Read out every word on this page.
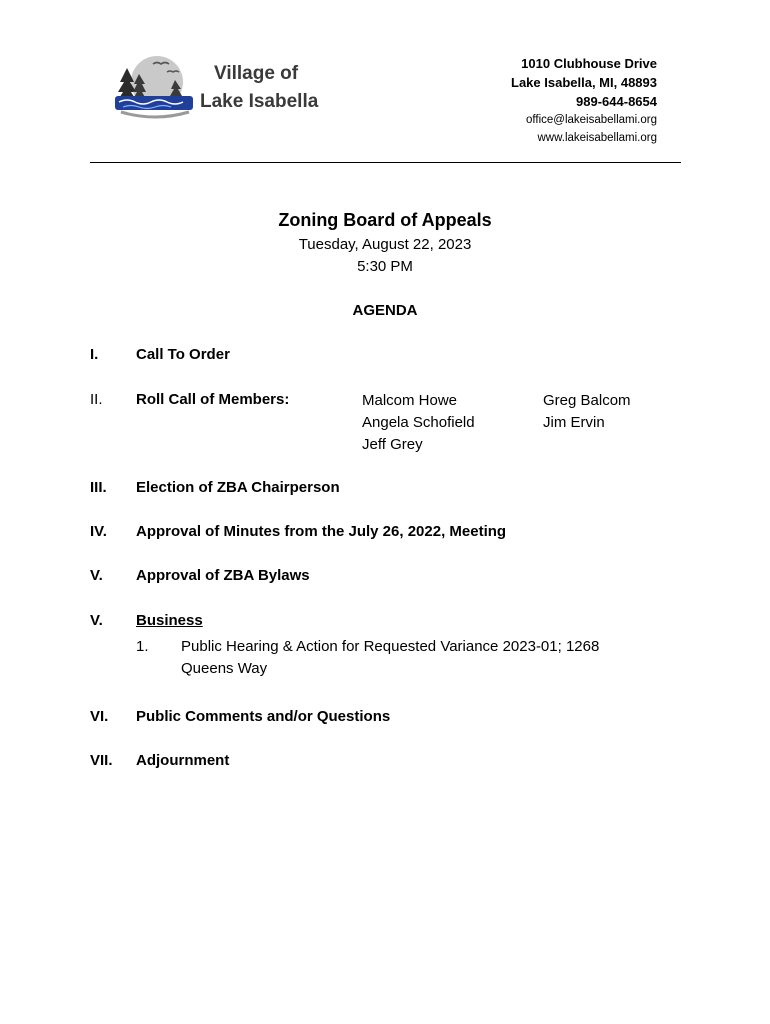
Village of
Lake Isabella
1010 Clubhouse Drive
Lake Isabella, MI, 48893
989-644-8654
office@lakeisabellami.org
www.lakeisabellami.org
Zoning Board of Appeals
Tuesday, August 22, 2023
5:30 PM
AGENDA
I.	Call To Order
II. Roll Call of Members:	Malcom Howe
Angela Schofield
Jeff Grey
Greg Balcom
Jim Ervin
III. Election of ZBA Chairperson
IV. Approval of Minutes from the July 26, 2022, Meeting
V. Approval of ZBA Bylaws
V. Business
1. Public Hearing & Action for Requested Variance 2023-01; 1268
Queens Way
VI. Public Comments and/or Questions
VII. Adjournment
